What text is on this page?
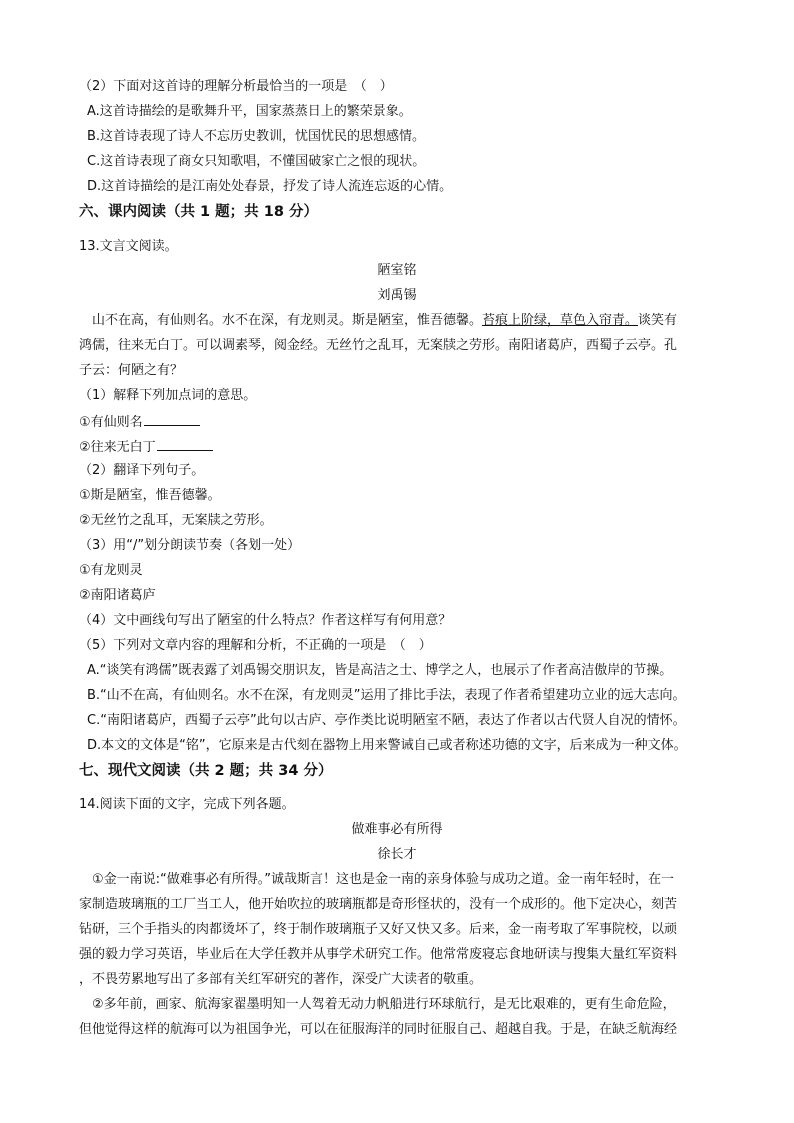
（2）下面对这首诗的理解分析最恰当的一项是　（　）
A.这首诗描绘的是歌舞升平，国家蒸蒸日上的繁荣景象。
B.这首诗表现了诗人不忘历史教训，忧国忧民的思想感情。
C.这首诗表现了商女只知歌唱，不懂国破家亡之恨的现状。
D.这首诗描绘的是江南处处春景，抒发了诗人流连忘返的心情。
六、课内阅读（共 1 题；共 18 分）
13.文言文阅读。
陋室铭
刘禹锡
　山不在高，有仙则名。水不在深，有龙则灵。斯是陋室，惟吾德馨。苔痕上阶绿，草色入帘青。谈笑有
鸿儒，往来无白丁。可以调素琴，阅金经。无丝竹之乱耳，无案牍之劳形。南阳诸葛庐，西蜀子云亭。孔
子云：何陋之有？
（1）解释下列加点词的意思。
①有仙则名
②往来无白丁
（2）翻译下列句子。
①斯是陋室，惟吾德馨。
②无丝竹之乱耳，无案牍之劳形。
（3）用“/”划分朗读节奏（各划一处）
①有龙则灵
②南阳诸葛庐
（4）文中画线句写出了陋室的什么特点？作者这样写有何用意？
（5）下列对文章内容的理解和分析，不正确的一项是　（　）
A.“谈笑有鸿儒”既表露了刘禹锡交朋识友，皆是高洁之士、博学之人，也展示了作者高洁傲岸的节操。
B.“山不在高，有仙则名。水不在深，有龙则灵”运用了排比手法，表现了作者希望建功立业的远大志向。
C.“南阳诸葛庐，西蜀子云亭”此句以古庐、亭作类比说明陋室不陋，表达了作者以古代贤人自况的情怀。
D.本文的文体是“铭”，它原来是古代刻在器物上用来警诫自己或者称述功德的文字，后来成为一种文体。
七、现代文阅读（共 2 题；共 34 分）
14.阅读下面的文字，完成下列各题。
做难事必有所得
徐长才
　①金一南说:“做难事必有所得。”诚哉斯言！这也是金一南的亲身体验与成功之道。金一南年轻时，在一
家制造玻璃瓶的工厂当工人，他开始吹拉的玻璃瓶都是奇形怪状的，没有一个成形的。他下定决心，刻苦
钻研，三个手指头的肉都烫坏了，终于制作玻璃瓶子又好又快又多。后来，金一南考取了军事院校，以顽
强的毅力学习英语，毕业后在大学任教并从事学术研究工作。他常常废寝忘食地研读与搜集大量红军资料
，不畏劳累地写出了多部有关红军研究的著作，深受广大读者的敬重。
　②多年前，画家、航海家翟墨明知一人驾着无动力帆船进行环球航行，是无比艰难的，更有生命危险，
但他觉得这样的航海可以为祖国争光，可以在征服海洋的同时征服自己、超越自我。于是，在缺乏航海经
